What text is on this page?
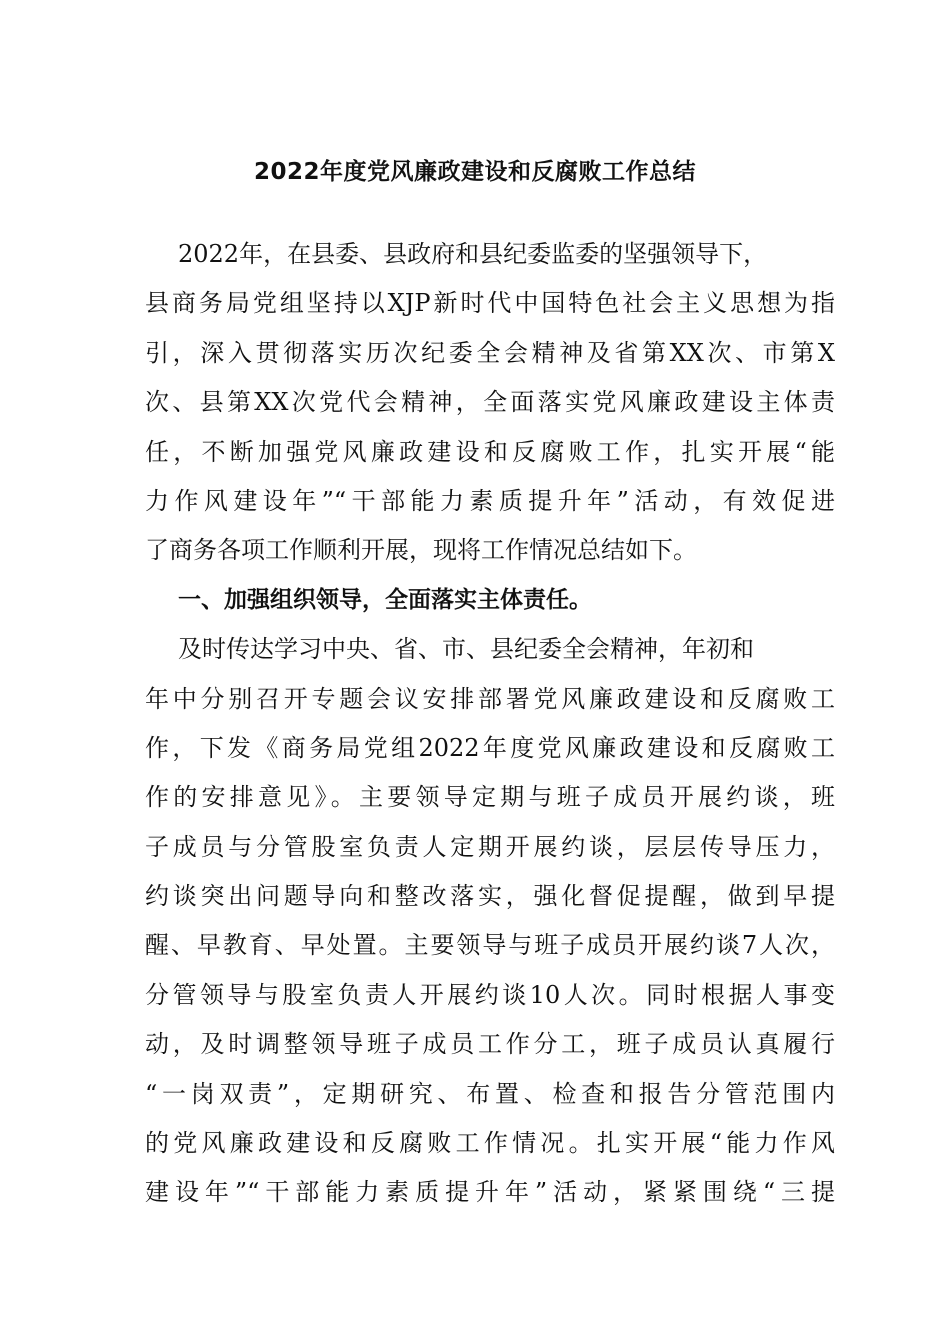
2022年度党风廉政建设和反腐败工作总结
2022年，在县委、县政府和县纪委监委的坚强领导下，
县商务局党组坚持以XJP新时代中国特色社会主义思想为指
引，深入贯彻落实历次纪委全会精神及省第XX次、市第X
次、县第XX次党代会精神，全面落实党风廉政建设主体责
任，不断加强党风廉政建设和反腐败工作，扎实开展“能
力作风建设年”“干部能力素质提升年”活动，有效促进
了商务各项工作顺利开展，现将工作情况总结如下。
一、加强组织领导，全面落实主体责任。
及时传达学习中央、省、市、县纪委全会精神，年初和
年中分别召开专题会议安排部署党风廉政建设和反腐败工
作，下发《商务局党组2022年度党风廉政建设和反腐败工
作的安排意见》。主要领导定期与班子成员开展约谈，班
子成员与分管股室负责人定期开展约谈，层层传导压力，
约谈突出问题导向和整改落实，强化督促提醒，做到早提
醒、早教育、早处置。主要领导与班子成员开展约谈7人次，
分管领导与股室负责人开展约谈10人次。同时根据人事变
动，及时调整领导班子成员工作分工，班子成员认真履行
“一岗双责”，定期研究、布置、检查和报告分管范围内
的党风廉政建设和反腐败工作情况。扎实开展“能力作风
建设年”“干部能力素质提升年”活动，紧紧围绕“三提
